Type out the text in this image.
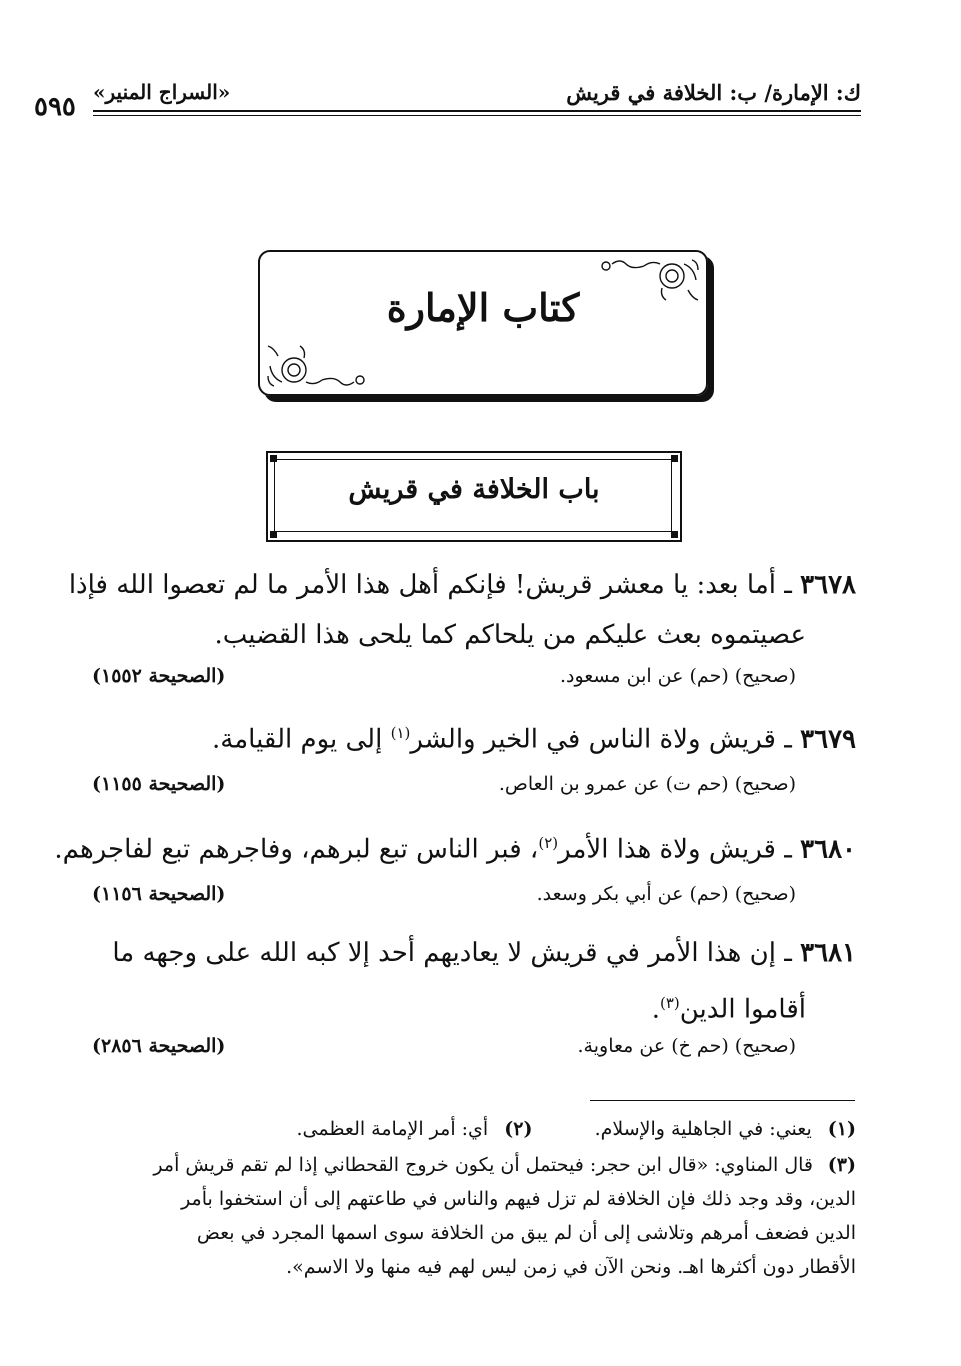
ك: الإمارة/ ب: الخلافة في قريش
«السراج المنير»
٥٩٥
كتاب الإمارة
باب الخلافة في قريش
٣٦٧٨ ـ أما بعد: يا معشر قريش! فإنكم أهل هذا الأمر ما لم تعصوا الله فإذا
عصيتموه بعث عليكم من يلحاكم كما يلحى هذا القضيب.
(صحيح) (حم) عن ابن مسعود.
(الصحيحة ١٥٥٢)
٣٦٧٩ ـ قريش ولاة الناس في الخير والشر$^{(١)}$ إلى يوم القيامة.
(صحيح) (حم ت) عن عمرو بن العاص.
(الصحيحة ١١٥٥)
٣٦٨٠ ـ قريش ولاة هذا الأمر$^{(٢)}$، فبر الناس تبع لبرهم، وفاجرهم تبع لفاجرهم.
(صحيح) (حم) عن أبي بكر وسعد.
(الصحيحة ١١٥٦)
٣٦٨١ ـ إن هذا الأمر في قريش لا يعاديهم أحد إلا كبه الله على وجهه ما
أقاموا الدين$^{(٣)}$.
(صحيح) (حم خ) عن معاوية.
(الصحيحة ٢٨٥٦)
(١) يعني: في الجاهلية والإسلام.  (٢) أي: أمر الإمامة العظمى.
(٣)
قال المناوي: «قال ابن حجر: فيحتمل أن يكون خروج القحطاني إذا لم تقم قريش أمر
الدين، وقد وجد ذلك فإن الخلافة لم تزل فيهم والناس في طاعتهم إلى أن استخفوا بأمر
الدين فضعف أمرهم وتلاشى إلى أن لم يبق من الخلافة سوى اسمها المجرد في بعض
الأقطار دون أكثرها اهـ. ونحن الآن في زمن ليس لهم فيه منها ولا الاسم».
